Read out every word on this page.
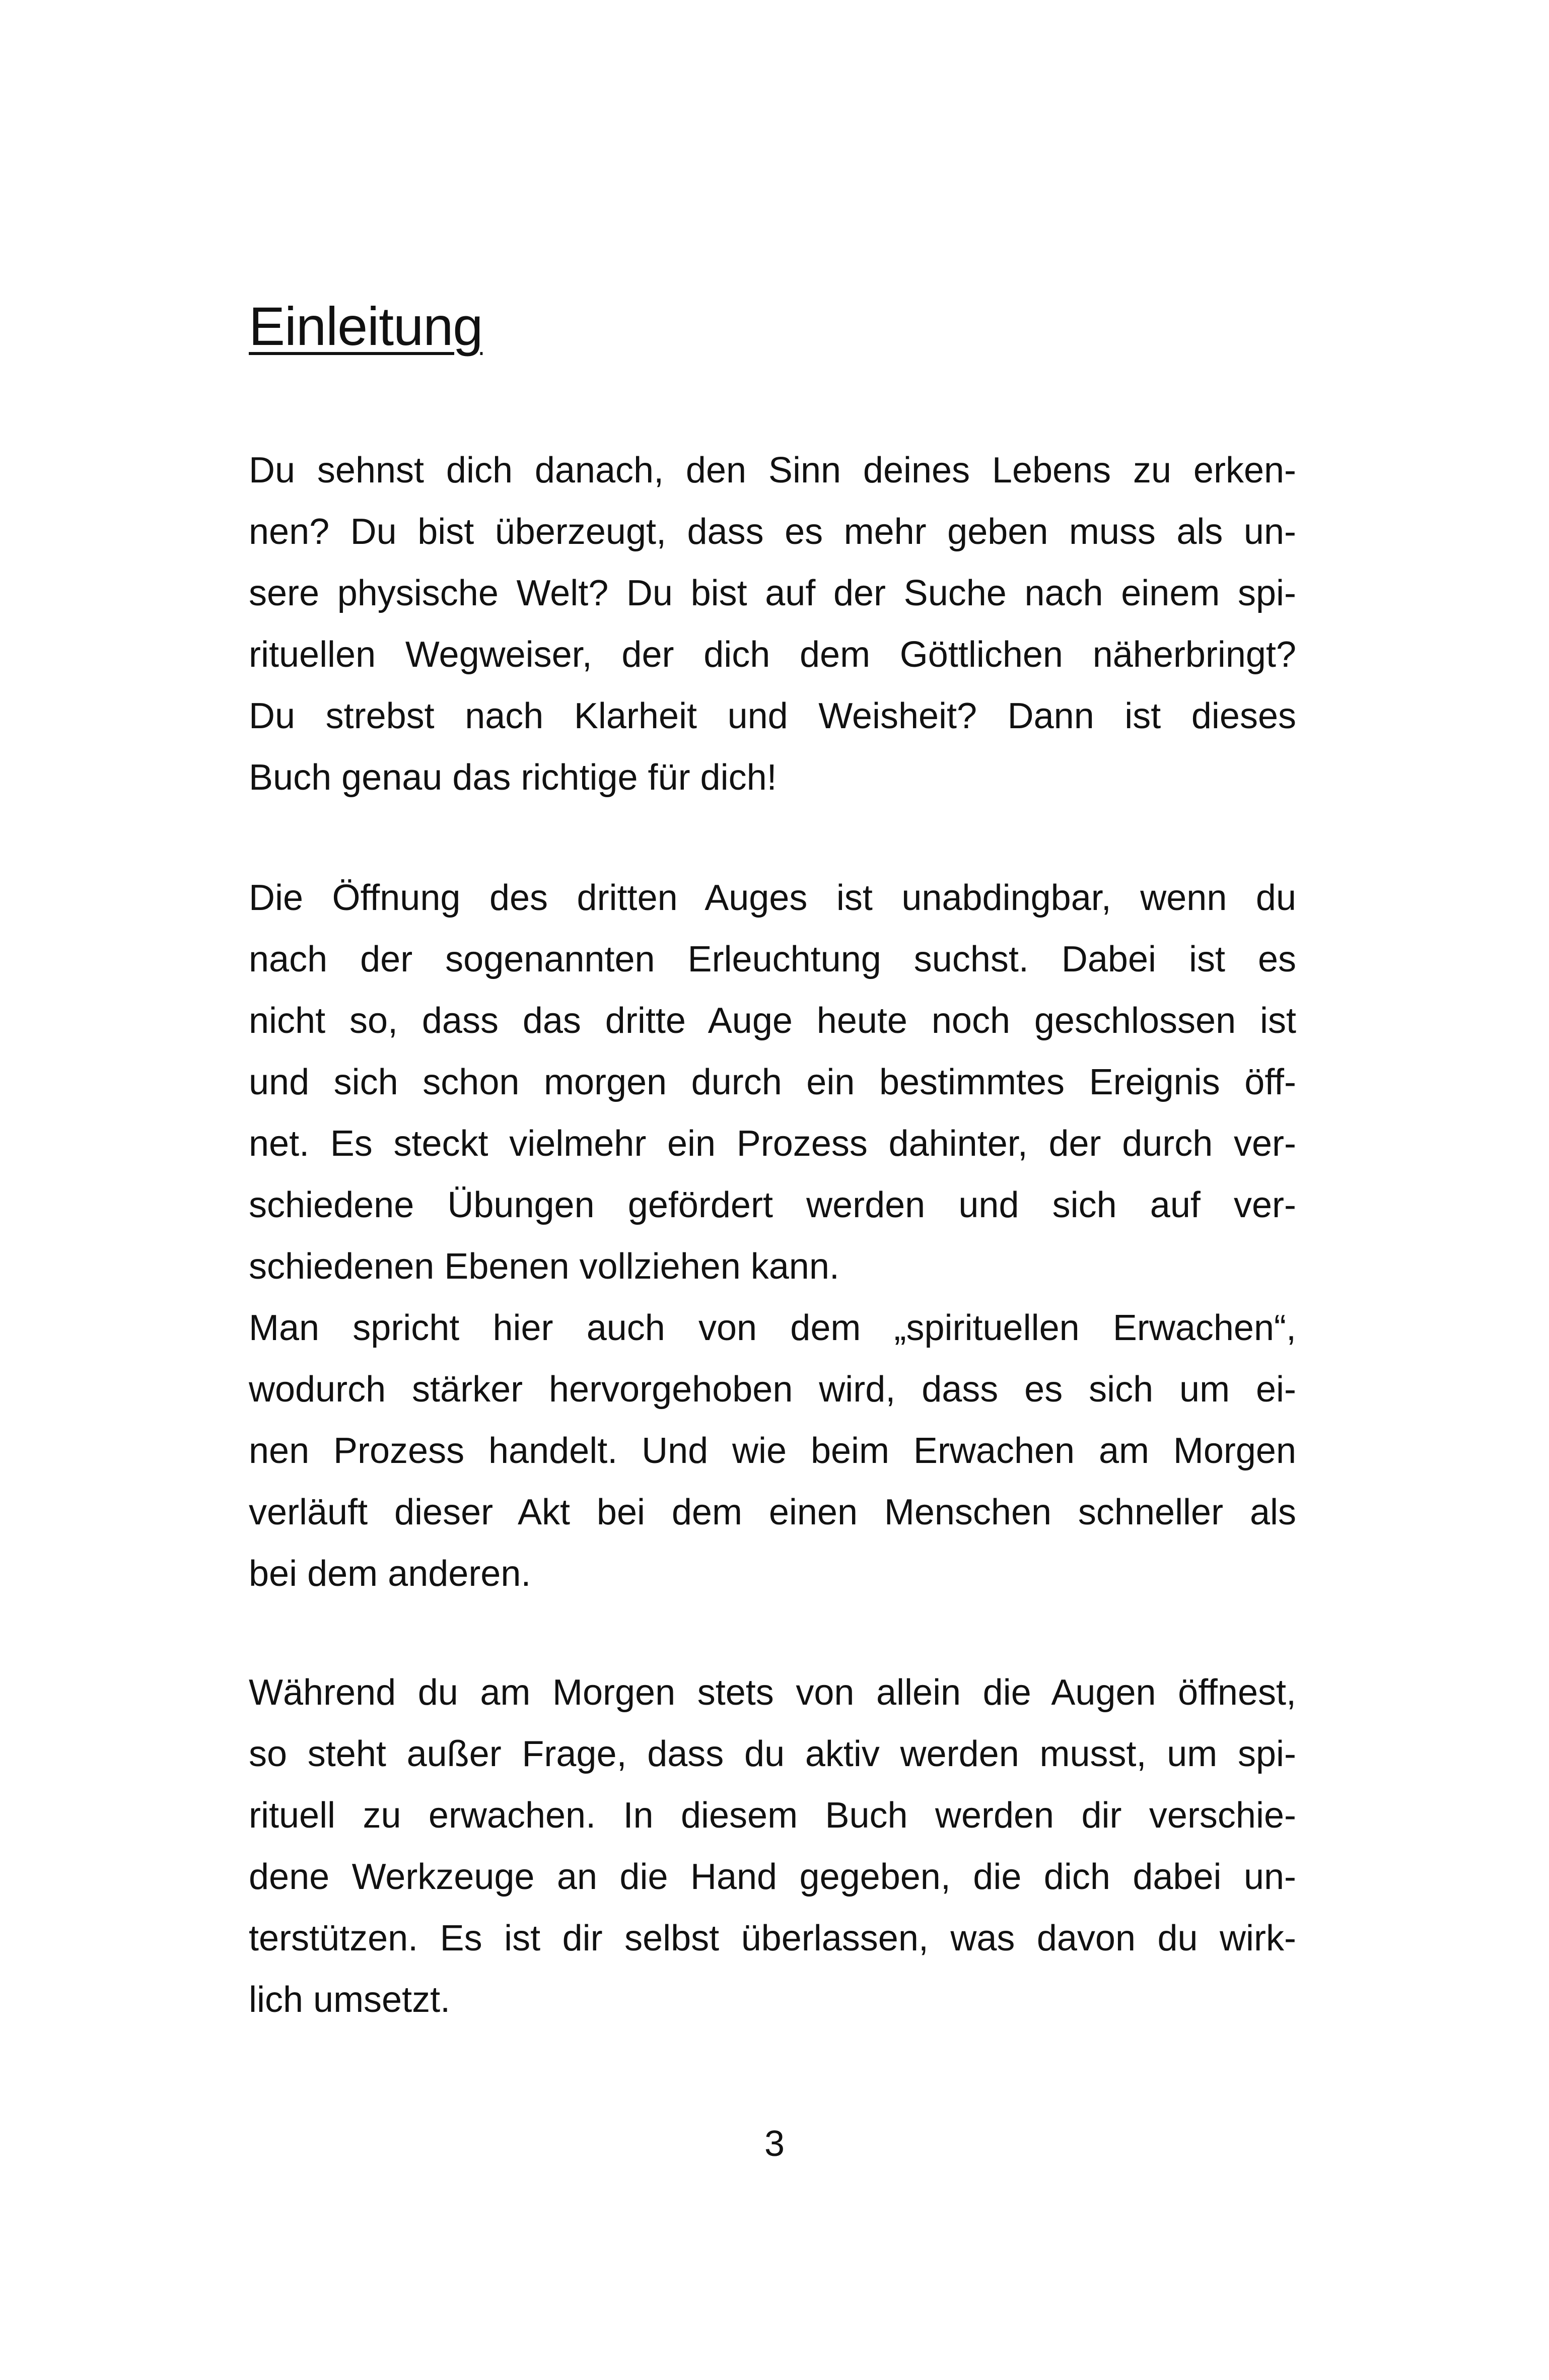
Einleitung
Du sehnst dich danach, den Sinn deines Lebens zu erken-
nen? Du bist überzeugt, dass es mehr geben muss als un-
sere physische Welt? Du bist auf der Suche nach einem spi-
rituellen Wegweiser, der dich dem Göttlichen näherbringt?
Du strebst nach Klarheit und Weisheit? Dann ist dieses
Buch genau das richtige für dich!
Die Öffnung des dritten Auges ist unabdingbar, wenn du
nach der sogenannten Erleuchtung suchst. Dabei ist es
nicht so, dass das dritte Auge heute noch geschlossen ist
und sich schon morgen durch ein bestimmtes Ereignis öff-
net. Es steckt vielmehr ein Prozess dahinter, der durch ver-
schiedene Übungen gefördert werden und sich auf ver-
schiedenen Ebenen vollziehen kann.
Man spricht hier auch von dem „spirituellen Erwachen“,
wodurch stärker hervorgehoben wird, dass es sich um ei-
nen Prozess handelt. Und wie beim Erwachen am Morgen
verläuft dieser Akt bei dem einen Menschen schneller als
bei dem anderen.
Während du am Morgen stets von allein die Augen öffnest,
so steht außer Frage, dass du aktiv werden musst, um spi-
rituell zu erwachen. In diesem Buch werden dir verschie-
dene Werkzeuge an die Hand gegeben, die dich dabei un-
terstützen. Es ist dir selbst überlassen, was davon du wirk-
lich umsetzt.
3
